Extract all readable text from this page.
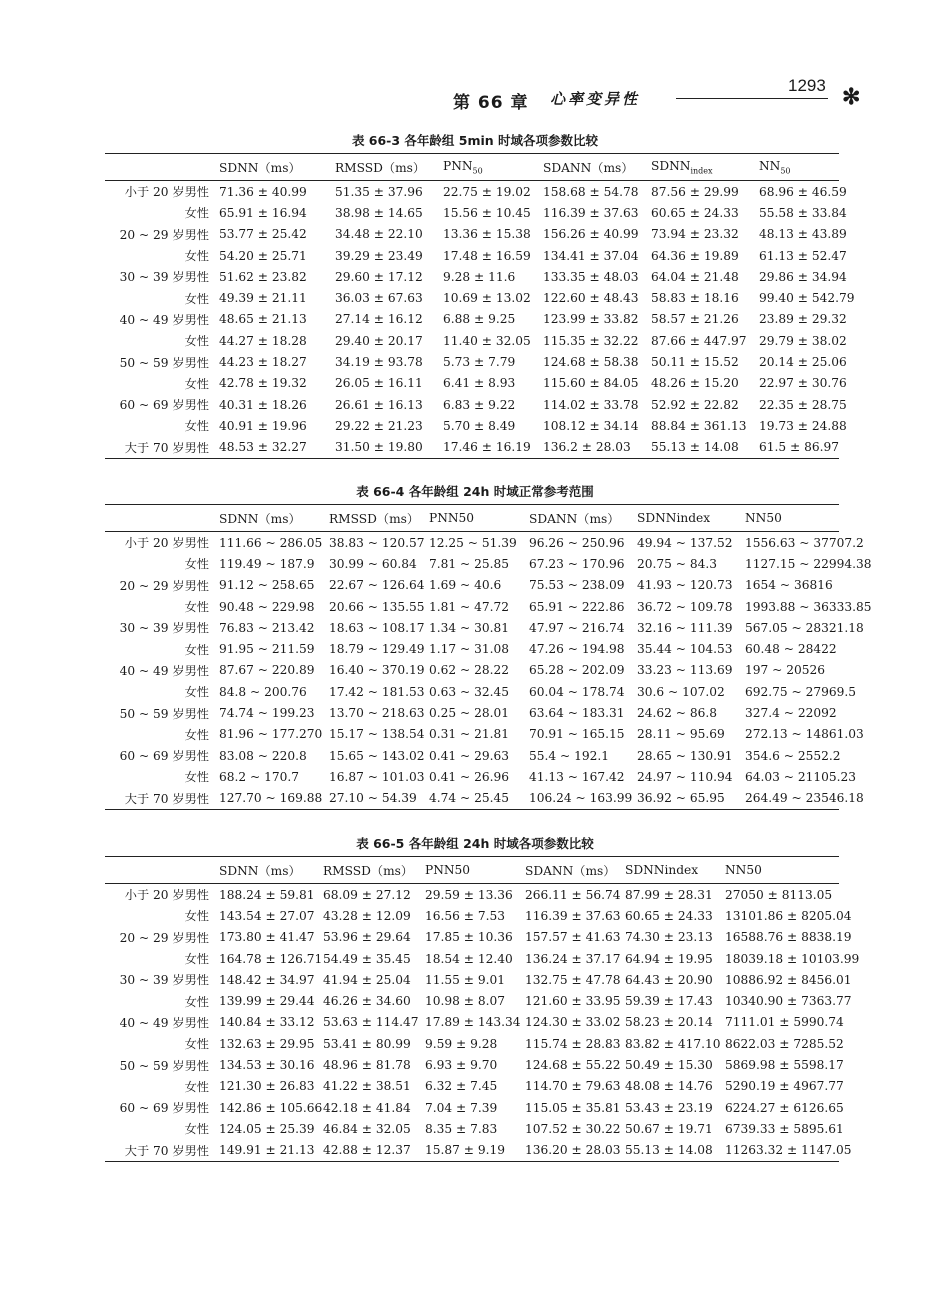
第 66 章 心率变异性
1293 ✻
表 66-3 各年龄组 5min 时域各项参数比较
	SDNN（ms）	RMSSD（ms）	$PNN_{50}$	SDANN（ms）	$SDNN_{index}$	$NN_{50}$
小于 20 岁男性	71.36 ± 40.99	51.35 ± 37.96	22.75 ± 19.02	158.68 ± 54.78	87.56 ± 29.99	68.96 ± 46.59
女性	65.91 ± 16.94	38.98 ± 14.65	15.56 ± 10.45	116.39 ± 37.63	60.65 ± 24.33	55.58 ± 33.84
20 ~ 29 岁男性	53.77 ± 25.42	34.48 ± 22.10	13.36 ± 15.38	156.26 ± 40.99	73.94 ± 23.32	48.13 ± 43.89
女性	54.20 ± 25.71	39.29 ± 23.49	17.48 ± 16.59	134.41 ± 37.04	64.36 ± 19.89	61.13 ± 52.47
30 ~ 39 岁男性	51.62 ± 23.82	29.60 ± 17.12	9.28 ± 11.6	133.35 ± 48.03	64.04 ± 21.48	29.86 ± 34.94
女性	49.39 ± 21.11	36.03 ± 67.63	10.69 ± 13.02	122.60 ± 48.43	58.83 ± 18.16	99.40 ± 542.79
40 ~ 49 岁男性	48.65 ± 21.13	27.14 ± 16.12	6.88 ± 9.25	123.99 ± 33.82	58.57 ± 21.26	23.89 ± 29.32
女性	44.27 ± 18.28	29.40 ± 20.17	11.40 ± 32.05	115.35 ± 32.22	87.66 ± 447.97	29.79 ± 38.02
50 ~ 59 岁男性	44.23 ± 18.27	34.19 ± 93.78	5.73 ± 7.79	124.68 ± 58.38	50.11 ± 15.52	20.14 ± 25.06
女性	42.78 ± 19.32	26.05 ± 16.11	6.41 ± 8.93	115.60 ± 84.05	48.26 ± 15.20	22.97 ± 30.76
60 ~ 69 岁男性	40.31 ± 18.26	26.61 ± 16.13	6.83 ± 9.22	114.02 ± 33.78	52.92 ± 22.82	22.35 ± 28.75
女性	40.91 ± 19.96	29.22 ± 21.23	5.70 ± 8.49	108.12 ± 34.14	88.84 ± 361.13	19.73 ± 24.88
大于 70 岁男性	48.53 ± 32.27	31.50 ± 19.80	17.46 ± 16.19	136.2 ± 28.03	55.13 ± 14.08	61.5 ± 86.97
表 66-4 各年龄组 24h 时域正常参考范围
	SDNN（ms）	RMSSD（ms）	PNN50	SDANN（ms）	SDNNindex	NN50
小于 20 岁男性	111.66 ~ 286.05	38.83 ~ 120.57	12.25 ~ 51.39	96.26 ~ 250.96	49.94 ~ 137.52	1556.63 ~ 37707.2
女性	119.49 ~ 187.9	30.99 ~ 60.84	7.81 ~ 25.85	67.23 ~ 170.96	20.75 ~ 84.3	1127.15 ~ 22994.38
20 ~ 29 岁男性	91.12 ~ 258.65	22.67 ~ 126.64	1.69 ~ 40.6	75.53 ~ 238.09	41.93 ~ 120.73	1654 ~ 36816
女性	90.48 ~ 229.98	20.66 ~ 135.55	1.81 ~ 47.72	65.91 ~ 222.86	36.72 ~ 109.78	1993.88 ~ 36333.85
30 ~ 39 岁男性	76.83 ~ 213.42	18.63 ~ 108.17	1.34 ~ 30.81	47.97 ~ 216.74	32.16 ~ 111.39	567.05 ~ 28321.18
女性	91.95 ~ 211.59	18.79 ~ 129.49	1.17 ~ 31.08	47.26 ~ 194.98	35.44 ~ 104.53	60.48 ~ 28422
40 ~ 49 岁男性	87.67 ~ 220.89	16.40 ~ 370.19	0.62 ~ 28.22	65.28 ~ 202.09	33.23 ~ 113.69	197 ~ 20526
女性	84.8 ~ 200.76	17.42 ~ 181.53	0.63 ~ 32.45	60.04 ~ 178.74	30.6 ~ 107.02	692.75 ~ 27969.5
50 ~ 59 岁男性	74.74 ~ 199.23	13.70 ~ 218.63	0.25 ~ 28.01	63.64 ~ 183.31	24.62 ~ 86.8	327.4 ~ 22092
女性	81.96 ~ 177.270	15.17 ~ 138.54	0.31 ~ 21.81	70.91 ~ 165.15	28.11 ~ 95.69	272.13 ~ 14861.03
60 ~ 69 岁男性	83.08 ~ 220.8	15.65 ~ 143.02	0.41 ~ 29.63	55.4 ~ 192.1	28.65 ~ 130.91	354.6 ~ 2552.2
女性	68.2 ~ 170.7	16.87 ~ 101.03	0.41 ~ 26.96	41.13 ~ 167.42	24.97 ~ 110.94	64.03 ~ 21105.23
大于 70 岁男性	127.70 ~ 169.88	27.10 ~ 54.39	4.74 ~ 25.45	106.24 ~ 163.99	36.92 ~ 65.95	264.49 ~ 23546.18
表 66-5 各年龄组 24h 时域各项参数比较
	SDNN（ms）	RMSSD（ms）	PNN50	SDANN（ms）	SDNNindex	NN50
小于 20 岁男性	188.24 ± 59.81	68.09 ± 27.12	29.59 ± 13.36	266.11 ± 56.74	87.99 ± 28.31	27050 ± 8113.05
女性	143.54 ± 27.07	43.28 ± 12.09	16.56 ± 7.53	116.39 ± 37.63	60.65 ± 24.33	13101.86 ± 8205.04
20 ~ 29 岁男性	173.80 ± 41.47	53.96 ± 29.64	17.85 ± 10.36	157.57 ± 41.63	74.30 ± 23.13	16588.76 ± 8838.19
女性	164.78 ± 126.71	54.49 ± 35.45	18.54 ± 12.40	136.24 ± 37.17	64.94 ± 19.95	18039.18 ± 10103.99
30 ~ 39 岁男性	148.42 ± 34.97	41.94 ± 25.04	11.55 ± 9.01	132.75 ± 47.78	64.43 ± 20.90	10886.92 ± 8456.01
女性	139.99 ± 29.44	46.26 ± 34.60	10.98 ± 8.07	121.60 ± 33.95	59.39 ± 17.43	10340.90 ± 7363.77
40 ~ 49 岁男性	140.84 ± 33.12	53.63 ± 114.47	17.89 ± 143.34	124.30 ± 33.02	58.23 ± 20.14	7111.01 ± 5990.74
女性	132.63 ± 29.95	53.41 ± 80.99	9.59 ± 9.28	115.74 ± 28.83	83.82 ± 417.10	8622.03 ± 7285.52
50 ~ 59 岁男性	134.53 ± 30.16	48.96 ± 81.78	6.93 ± 9.70	124.68 ± 55.22	50.49 ± 15.30	5869.98 ± 5598.17
女性	121.30 ± 26.83	41.22 ± 38.51	6.32 ± 7.45	114.70 ± 79.63	48.08 ± 14.76	5290.19 ± 4967.77
60 ~ 69 岁男性	142.86 ± 105.66	42.18 ± 41.84	7.04 ± 7.39	115.05 ± 35.81	53.43 ± 23.19	6224.27 ± 6126.65
女性	124.05 ± 25.39	46.84 ± 32.05	8.35 ± 7.83	107.52 ± 30.22	50.67 ± 19.71	6739.33 ± 5895.61
大于 70 岁男性	149.91 ± 21.13	42.88 ± 12.37	15.87 ± 9.19	136.20 ± 28.03	55.13 ± 14.08	11263.32 ± 1147.05
